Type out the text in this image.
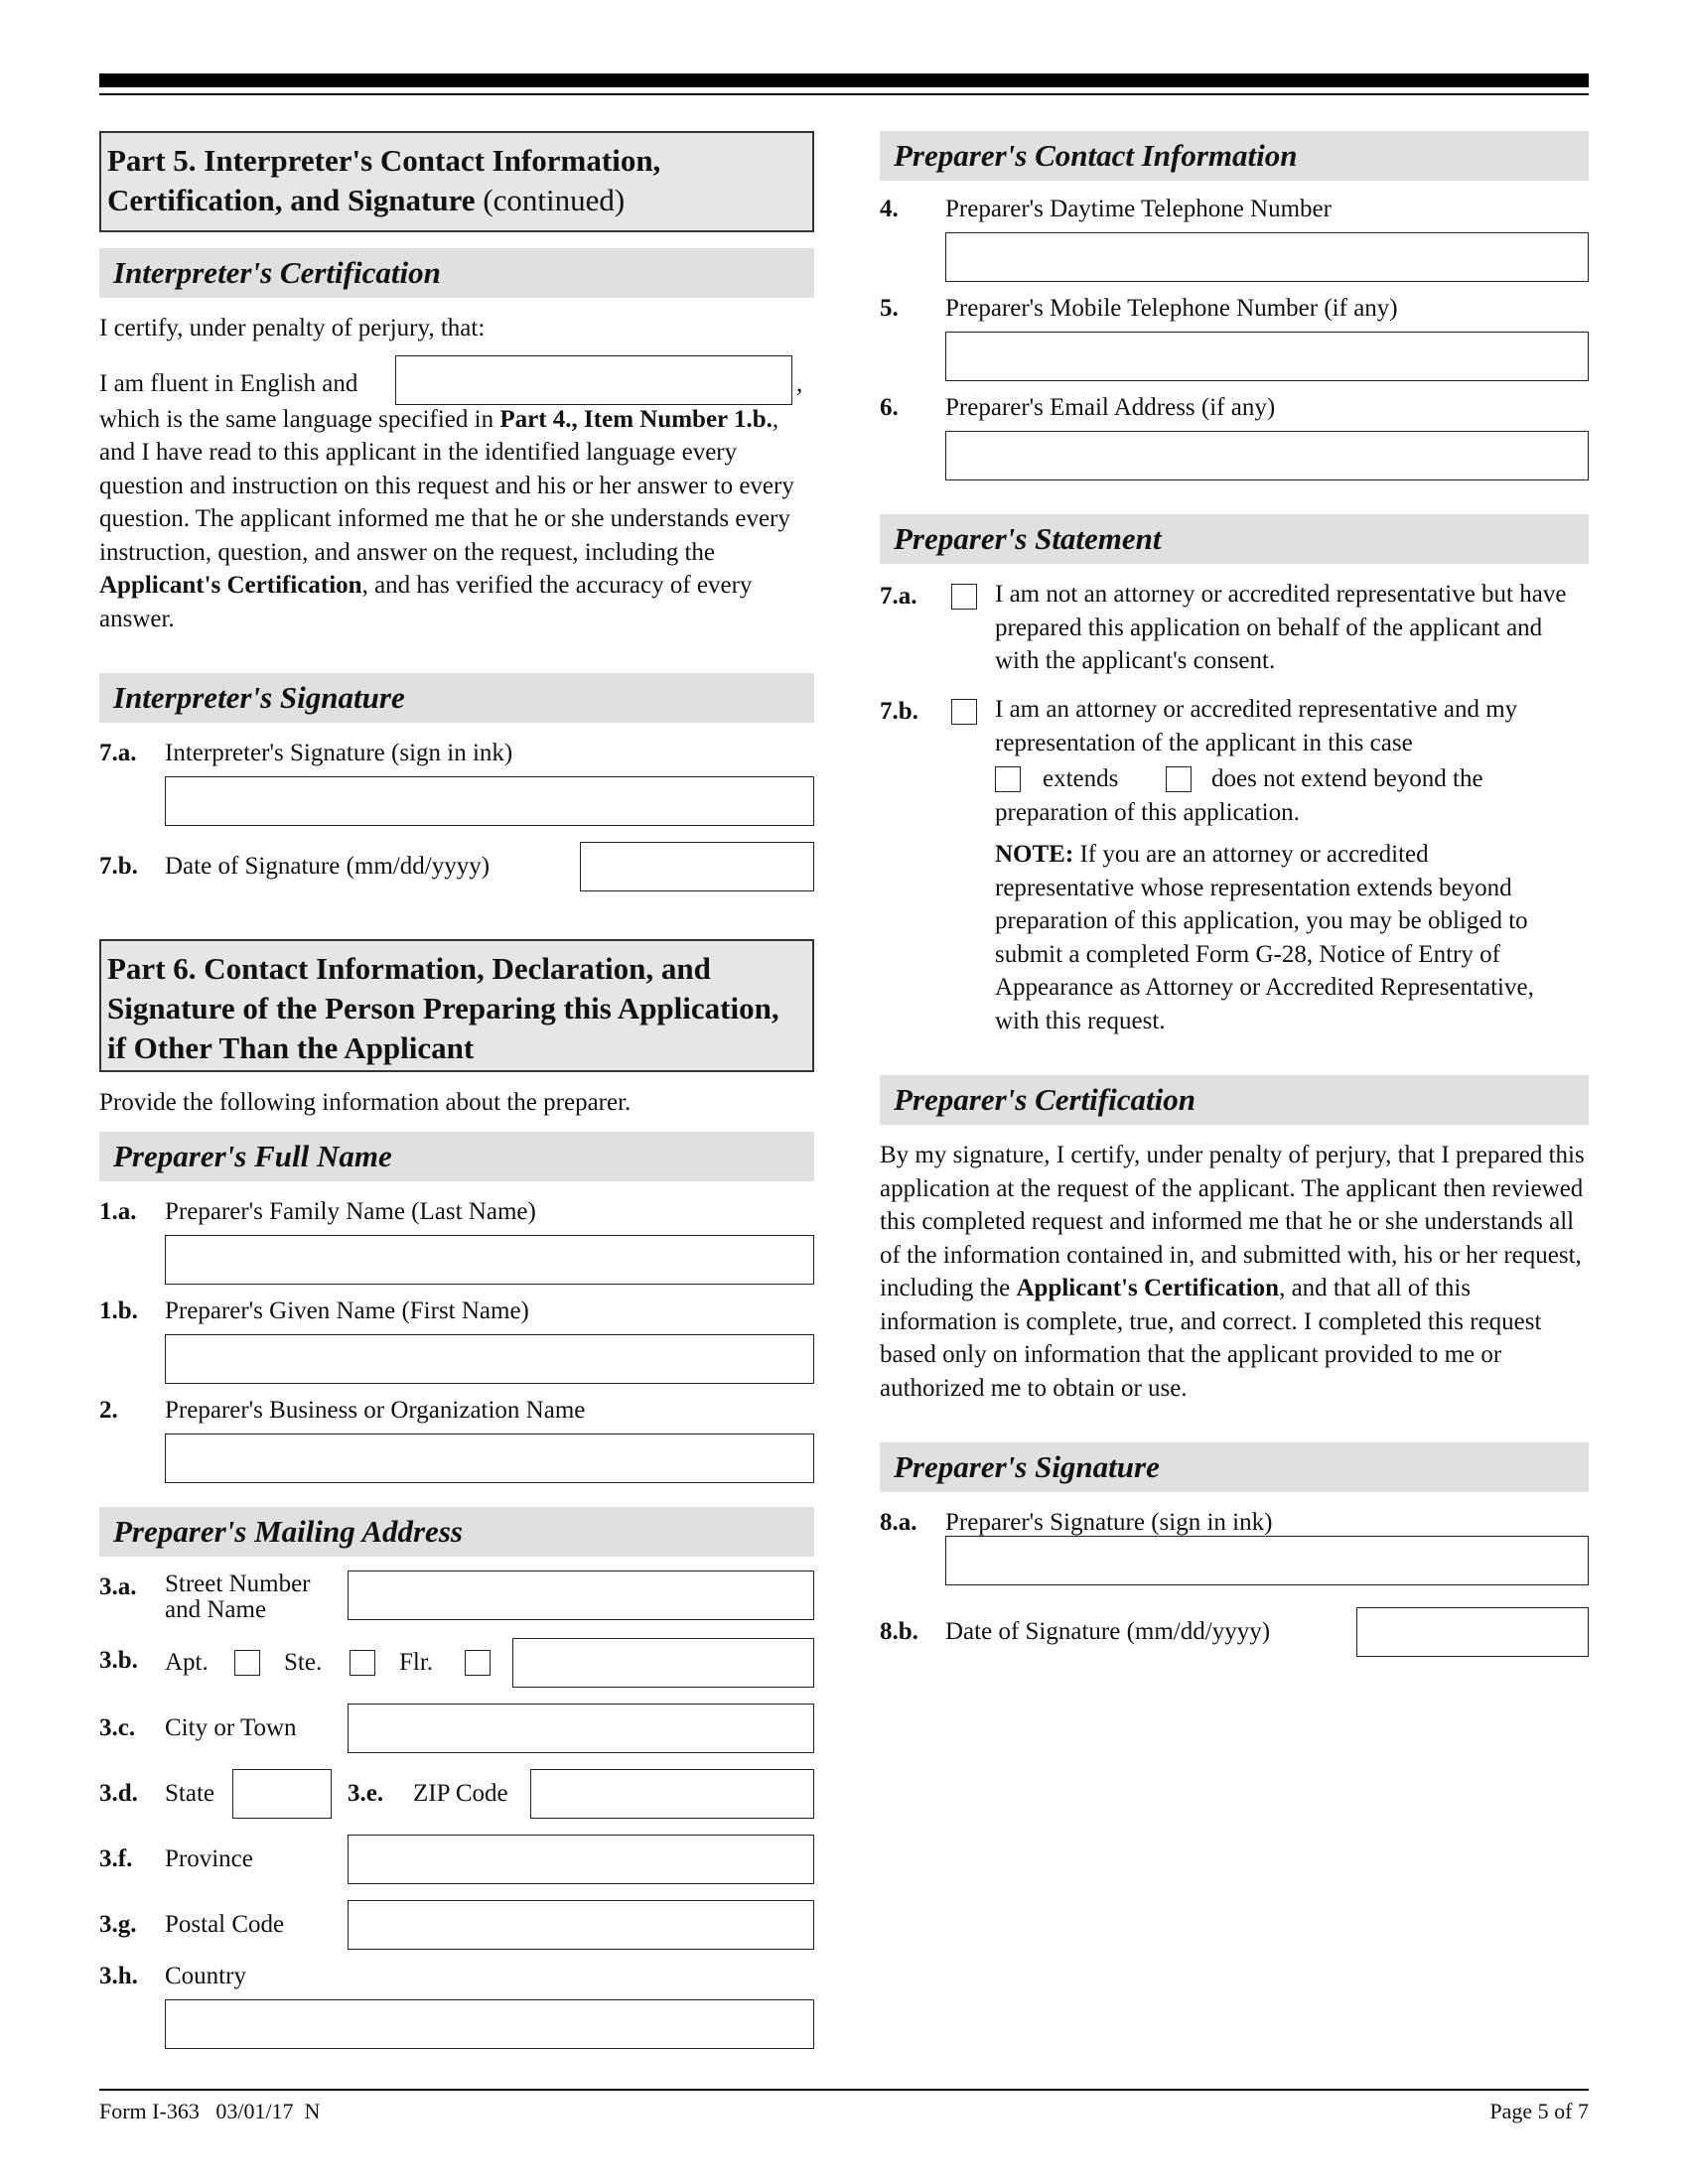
Part 5. Interpreter's Contact Information, Certification, and Signature (continued)
Interpreter's Certification
I certify, under penalty of perjury, that:
I am fluent in English and	,
which is the same language specified in Part 4., Item Number 1.b., and I have read to this applicant in the identified language every question and instruction on this request and his or her answer to every question. The applicant informed me that he or she understands every instruction, question, and answer on the request, including the Applicant's Certification, and has verified the accuracy of every answer.
Interpreter's Signature
7.a. Interpreter's Signature (sign in ink)
7.b. Date of Signature (mm/dd/yyyy)
Part 6. Contact Information, Declaration, and Signature of the Person Preparing this Application, if Other Than the Applicant
Provide the following information about the preparer.
Preparer's Full Name
1.a. Preparer's Family Name (Last Name)
1.b. Preparer's Given Name (First Name)
2. Preparer's Business or Organization Name
Preparer's Mailing Address
3.a. Street Number
and Name
3.b. Apt.	Ste.	Flr.
3.c. City or Town
3.d. State	3.e. ZIP Code
3.f. Province
3.g. Postal Code
3.h. Country
Preparer's Contact Information
4. Preparer's Daytime Telephone Number
5. Preparer's Mobile Telephone Number (if any)
6. Preparer's Email Address (if any)
Preparer's Statement
7.a.	I am not an attorney or accredited representative but have prepared this application on behalf of the applicant and with the applicant's consent.
7.b.	I am an attorney or accredited representative and my representation of the applicant in this case
extends	does not extend beyond the
preparation of this application.
NOTE: If you are an attorney or accredited representative whose representation extends beyond preparation of this application, you may be obliged to submit a completed Form G-28, Notice of Entry of Appearance as Attorney or Accredited Representative, with this request.
Preparer's Certification
By my signature, I certify, under penalty of perjury, that I prepared this application at the request of the applicant. The applicant then reviewed this completed request and informed me that he or she understands all of the information contained in, and submitted with, his or her request, including the Applicant's Certification, and that all of this information is complete, true, and correct. I completed this request based only on information that the applicant provided to me or authorized me to obtain or use.
Preparer's Signature
8.a. Preparer's Signature (sign in ink)
8.b. Date of Signature (mm/dd/yyyy)
Form I-363   03/01/17  N	Page 5 of 7
